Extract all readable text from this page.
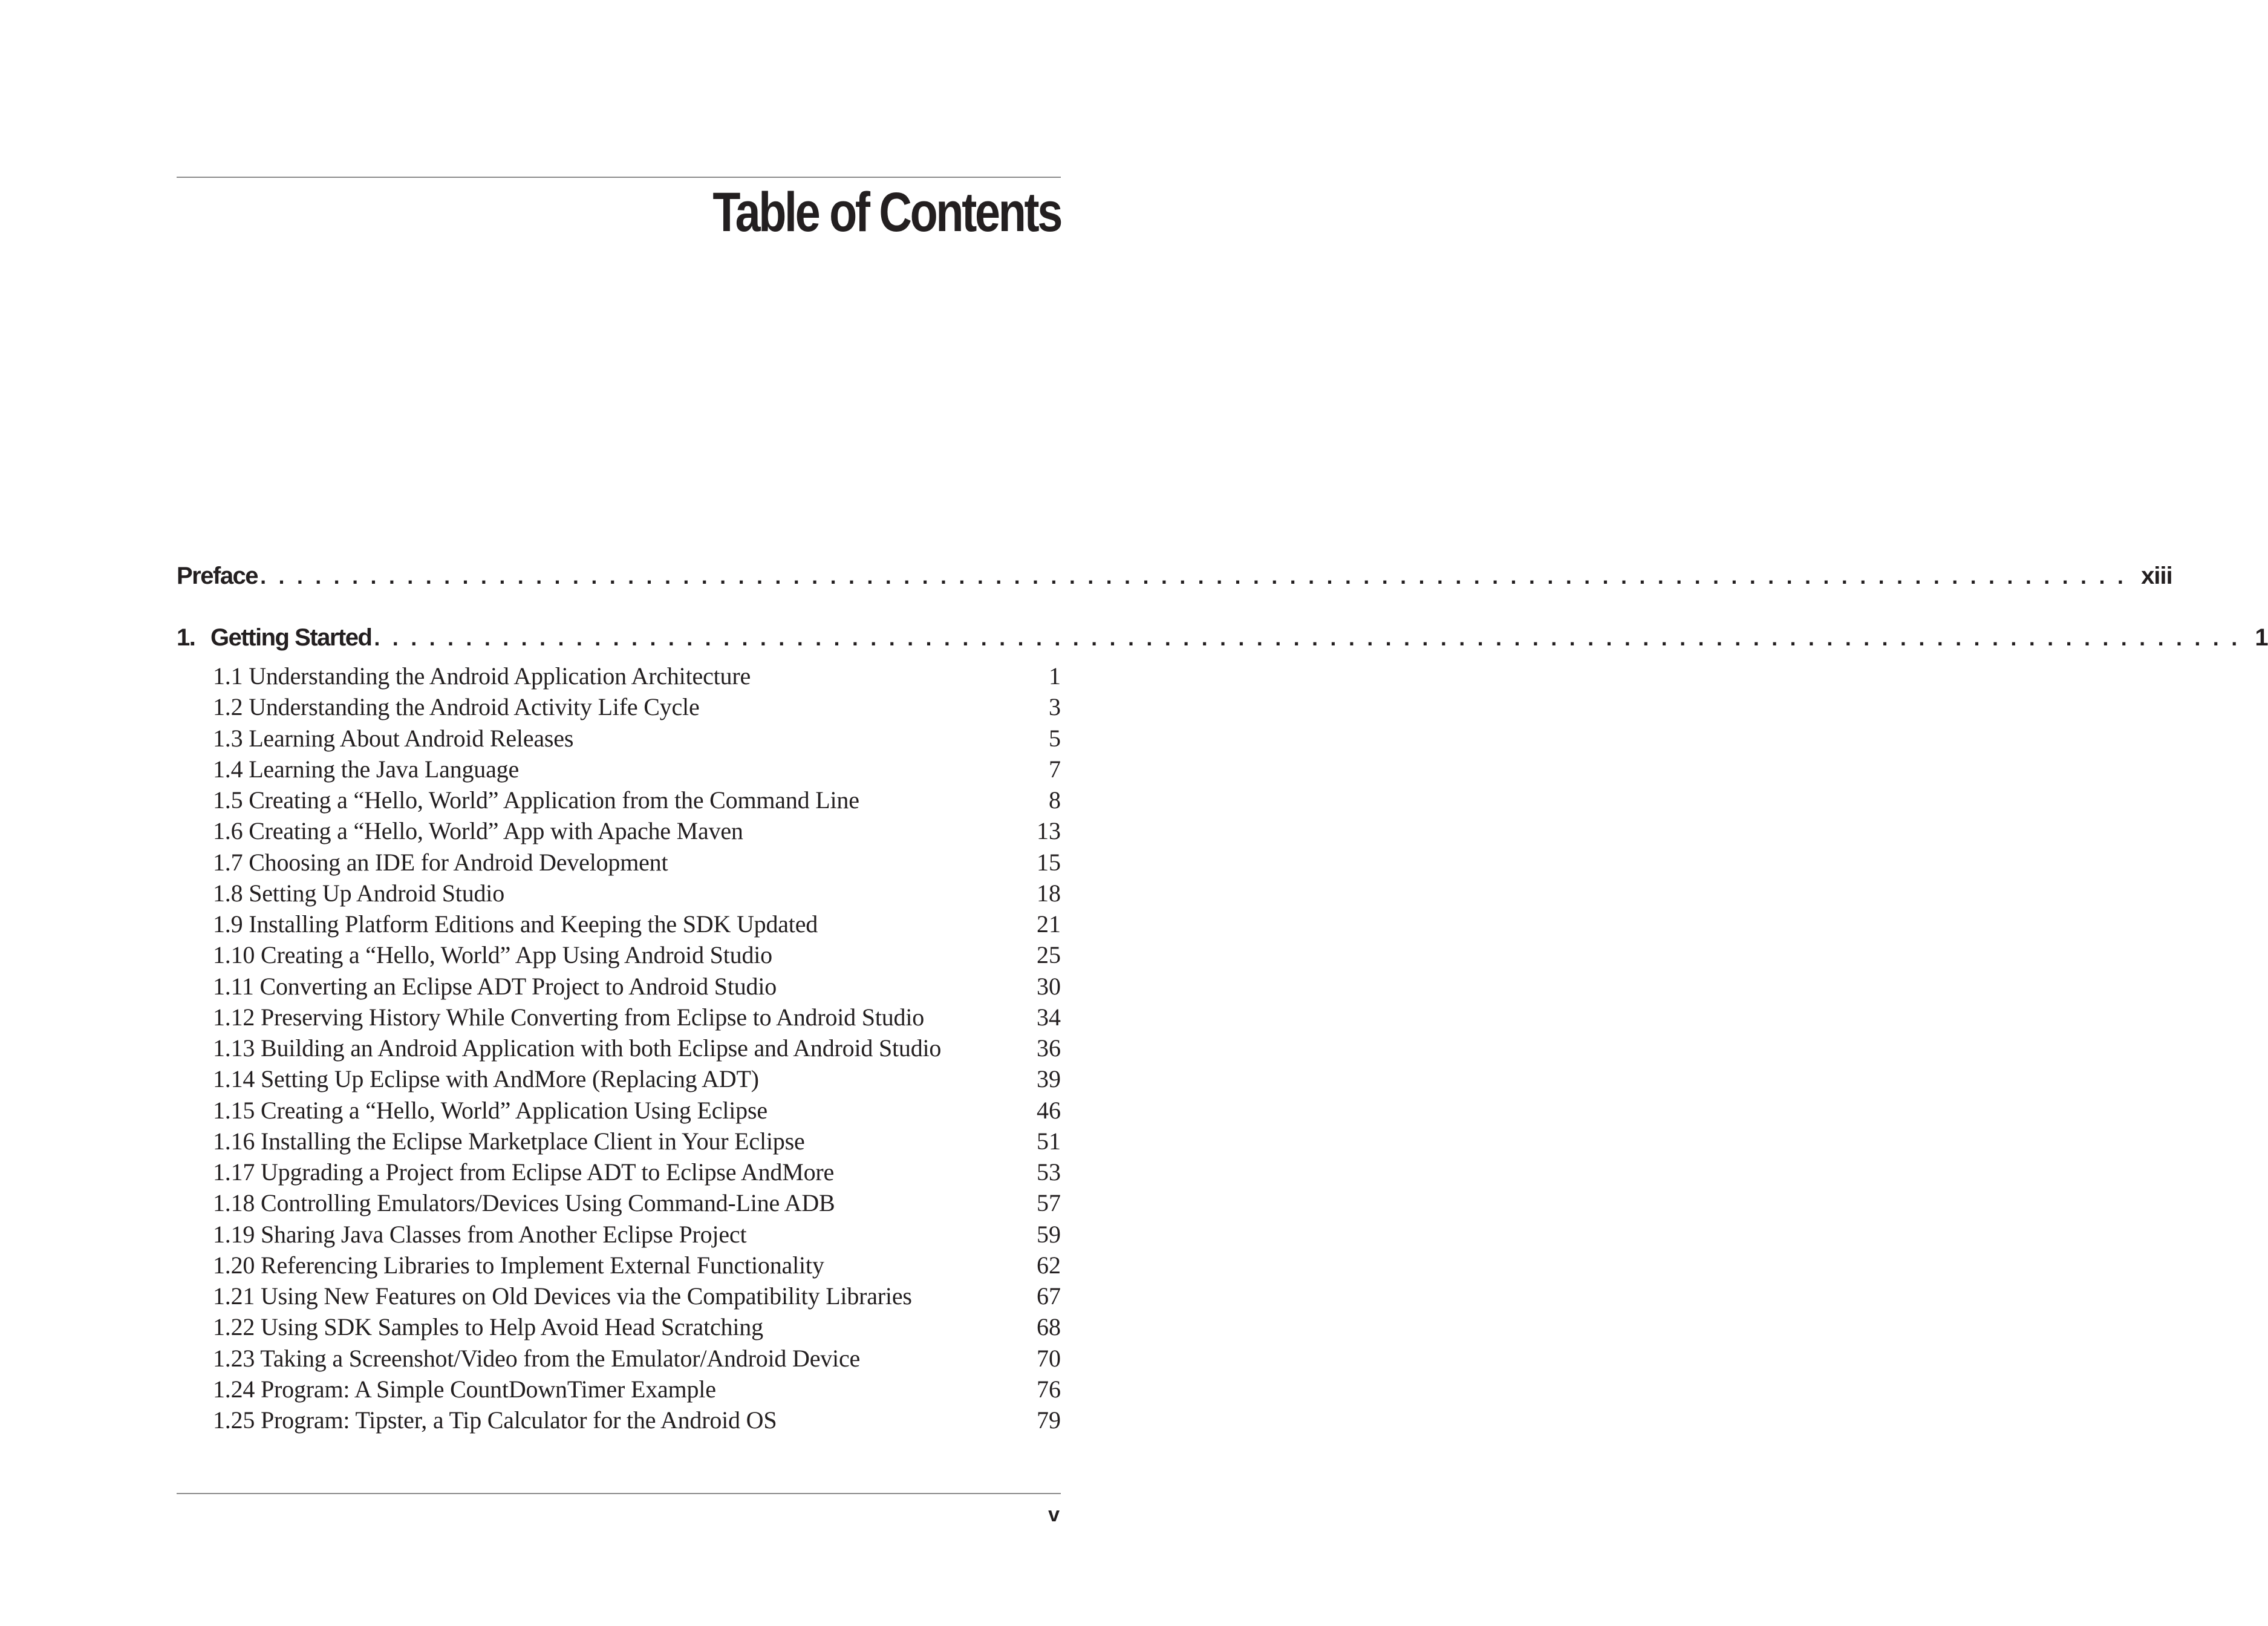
Table of Contents
Preface . . . . . . . . . . . . . . . . . . . . . . . . . . . . . . . . . . . . . . . . . . . . . . . . . . . . . . . . . . . . . . . . . . . . . . . . . . . . . . . . . . . . . . . . . . . . . . . . . . . . . . xiii
1. Getting Started . . . . . . . . . . . . . . . . . . . . . . . . . . . . . . . . . . . . . . . . . . . . . . . . . . . . . . . . . . . . . . . . . . . . . . . . . . . . . . . . . . . . . . . . . . . . . . . . . . . . . . 1
1.1 Understanding the Android Application Architecture	1
1.2 Understanding the Android Activity Life Cycle	3
1.3 Learning About Android Releases	5
1.4 Learning the Java Language	7
1.5 Creating a “Hello, World” Application from the Command Line	8
1.6 Creating a “Hello, World” App with Apache Maven	13
1.7 Choosing an IDE for Android Development	15
1.8 Setting Up Android Studio	18
1.9 Installing Platform Editions and Keeping the SDK Updated	21
1.10 Creating a “Hello, World” App Using Android Studio	25
1.11 Converting an Eclipse ADT Project to Android Studio	30
1.12 Preserving History While Converting from Eclipse to Android Studio	34
1.13 Building an Android Application with both Eclipse and Android Studio	36
1.14 Setting Up Eclipse with AndMore (Replacing ADT)	39
1.15 Creating a “Hello, World” Application Using Eclipse	46
1.16 Installing the Eclipse Marketplace Client in Your Eclipse	51
1.17 Upgrading a Project from Eclipse ADT to Eclipse AndMore	53
1.18 Controlling Emulators/Devices Using Command-Line ADB	57
1.19 Sharing Java Classes from Another Eclipse Project	59
1.20 Referencing Libraries to Implement External Functionality	62
1.21 Using New Features on Old Devices via the Compatibility Libraries	67
1.22 Using SDK Samples to Help Avoid Head Scratching	68
1.23 Taking a Screenshot/Video from the Emulator/Android Device	70
1.24 Program: A Simple CountDownTimer Example	76
1.25 Program: Tipster, a Tip Calculator for the Android OS	79
v
